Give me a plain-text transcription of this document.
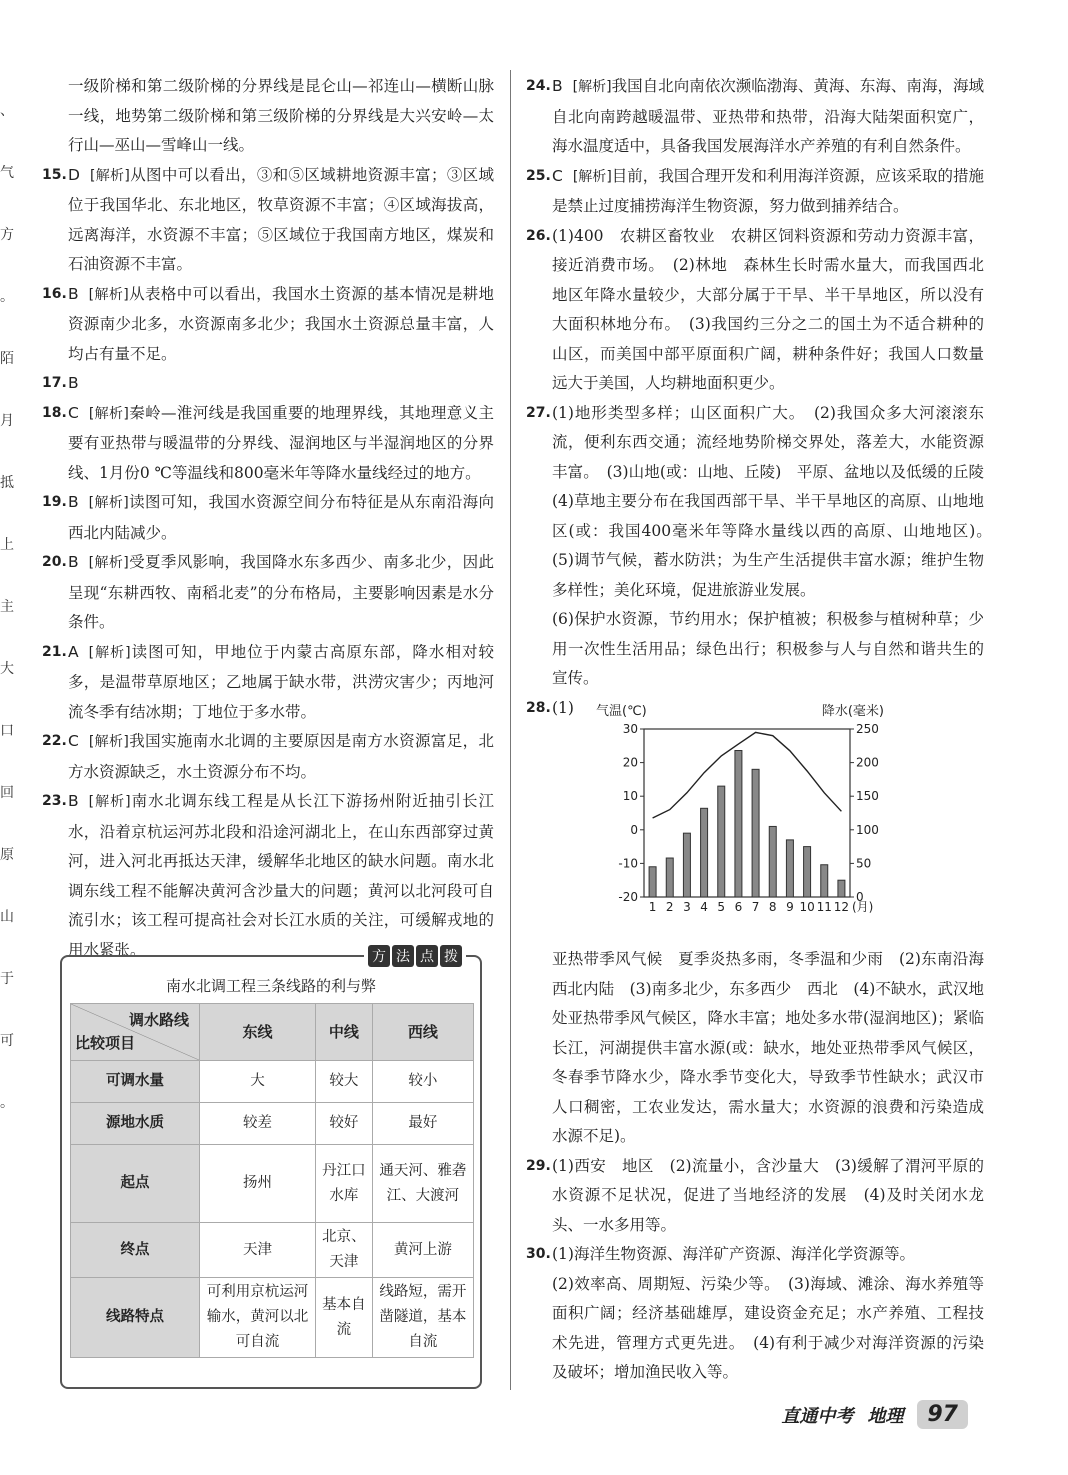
、
气
方
。
陌
月
抵
上
主
大
口
回
原
山
于
可
。
一级阶梯和第二级阶梯的分界线是昆仑山—祁连山—横断山脉一线，地势第二级阶梯和第三级阶梯的分界线是大兴安岭—太行山—巫山—雪峰山一线。
15. D [解析]从图中可以看出，③和⑤区域耕地资源丰富；③区域位于我国华北、东北地区，牧草资源不丰富；④区域海拔高，远离海洋，水资源不丰富；⑤区域位于我国南方地区，煤炭和石油资源不丰富。
16. B [解析]从表格中可以看出，我国水土资源的基本情况是耕地资源南少北多，水资源南多北少；我国水土资源总量丰富，人均占有量不足。
17. B
18. C [解析]秦岭—淮河线是我国重要的地理界线，其地理意义主要有亚热带与暖温带的分界线、湿润地区与半湿润地区的分界线、1月份0 ℃等温线和800毫米年等降水量线经过的地方。
19. B [解析]读图可知，我国水资源空间分布特征是从东南沿海向西北内陆减少。
20. B [解析]受夏季风影响，我国降水东多西少、南多北少，因此呈现“东耕西牧、南稻北麦”的分布格局，主要影响因素是水分条件。
21. A [解析]读图可知，甲地位于内蒙古高原东部，降水相对较多，是温带草原地区；乙地属于缺水带，洪涝灾害少；丙地河流冬季有结冰期；丁地位于多水带。
22. C [解析]我国实施南水北调的主要原因是南方水资源富足，北方水资源缺乏，水土资源分布不均。
23. B [解析]南水北调东线工程是从长江下游扬州附近抽引长江水，沿着京杭运河苏北段和沿途河湖北上，在山东西部穿过黄河，进入河北再抵达天津，缓解华北地区的缺水问题。南水北调东线工程不能解决黄河含沙量大的问题；黄河以北河段可自流引水；该工程可提高社会对长江水质的关注，可缓解戎地的用水紧张。	方 法 点 拨
南水北调工程三条线路的利与弊
调水路线
比较项目	东线	中线	西线
可调水量	大	较大	较小
源地水质	较差	较好	最好
起点	扬州	丹江口水库	通天河、雅砻江、大渡河
终点	天津	北京、天津	黄河上游
线路特点	可利用京杭运河输水，黄河以北可自流	基本自流	线路短，需开凿隧道，基本自流
24. B [解析]我国自北向南依次濒临渤海、黄海、东海、南海，海域自北向南跨越暖温带、亚热带和热带，沿海大陆架面积宽广，海水温度适中，具备我国发展海洋水产养殖的有利自然条件。
25. C [解析]目前，我国合理开发和利用海洋资源，应该采取的措施是禁止过度捕捞海洋生物资源，努力做到捕养结合。
26. (1)400　农耕区畜牧业　农耕区饲料资源和劳动力资源丰富，接近消费市场。　(2)林地　森林生长时需水量大，而我国西北地区年降水量较少，大部分属于干旱、半干旱地区，所以没有大面积林地分布。　(3)我国约三分之二的国土为不适合耕种的山区，而美国中部平原面积广阔，耕种条件好；我国人口数量远大于美国，人均耕地面积更少。
27. (1)地形类型多样；山区面积广大。　(2)我国众多大河滚滚东流，便利东西交通；流经地势阶梯交界处，落差大，水能资源丰富。　(3)山地(或：山地、丘陵)　平原、盆地以及低缓的丘陵　(4)草地主要分布在我国西部干旱、半干旱地区的高原、山地地区(或：我国400毫米年等降水量线以西的高原、山地地区)。　(5)调节气候，蓄水防洪；为生产生活提供丰富水源；维护生物多样性；美化环境，促进旅游业发展。
(6)保护水资源，节约用水；保护植被；积极参与植树种草；少用一次性生活用品；绿色出行；积极参与人与自然和谐共生的宣传。
28. (1) 气温(℃)	降水(毫米)
30
20
10
0
-10
-20
250
200
150
100
50
0
1 2 3 4 5 6 7 8 9 10 11 12 (月)
亚热带季风气候　夏季炎热多雨，冬季温和少雨　(2)东南沿海　西北内陆　(3)南多北少，东多西少　西北　(4)不缺水，武汉地处亚热带季风气候区，降水丰富；地处多水带(湿润地区)；紧临长江，河湖提供丰富水源(或：缺水，地处亚热带季风气候区，冬春季节降水少，降水季节变化大，导致季节性缺水；武汉市人口稠密，工农业发达，需水量大；水资源的浪费和污染造成水源不足)。
29. (1)西安　地区　(2)流量小，含沙量大　(3)缓解了渭河平原的水资源不足状况，促进了当地经济的发展　(4)及时关闭水龙头、一水多用等。
30. (1)海洋生物资源、海洋矿产资源、海洋化学资源等。
(2)效率高、周期短、污染少等。　(3)海域、滩涂、海水养殖等面积广阔；经济基础雄厚，建设资金充足；水产养殖、工程技术先进，管理方式更先进。　(4)有利于减少对海洋资源的污染及破坏；增加渔民收入等。
直通中考 地理	97
